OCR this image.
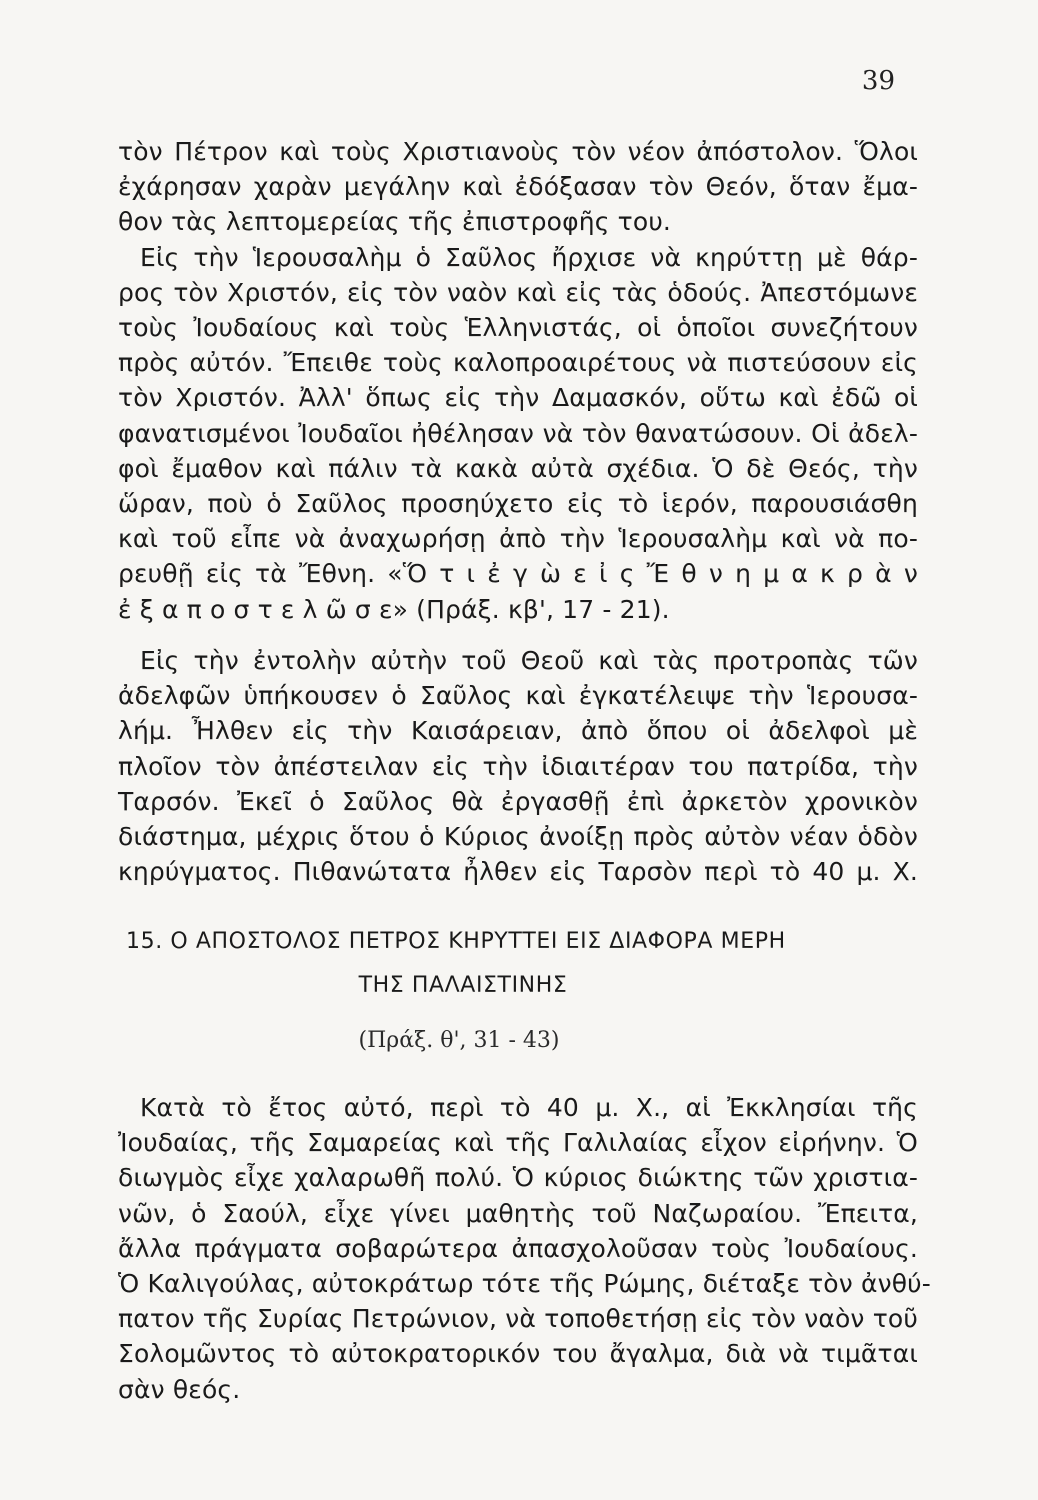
39
τὸν Πέτρον καὶ τοὺς Χριστιανοὺς τὸν νέον ἀπόστολον. Ὅλοι
ἐχάρησαν χαρὰν μεγάλην καὶ ἐδόξασαν τὸν Θεόν, ὅταν ἔμα-
θον τὰς λεπτομερείας τῆς ἐπιστροφῆς του.
Εἰς τὴν Ἱερουσαλὴμ ὁ Σαῦλος ἤρχισε νὰ κηρύττῃ μὲ θάρ-
ρος τὸν Χριστόν, εἰς τὸν ναὸν καὶ εἰς τὰς ὁδούς. Ἀπεστόμωνε
τοὺς Ἰουδαίους καὶ τοὺς Ἑλληνιστάς, οἱ ὁποῖοι συνεζήτουν
πρὸς αὐτόν. Ἔπειθε τοὺς καλοπροαιρέτους νὰ πιστεύσουν εἰς
τὸν Χριστόν. Ἀλλ' ὅπως εἰς τὴν Δαμασκόν, οὕτω καὶ ἐδῶ οἱ
φανατισμένοι Ἰουδαῖοι ἠθέλησαν νὰ τὸν θανατώσουν. Οἱ ἀδελ-
φοὶ ἔμαθον καὶ πάλιν τὰ κακὰ αὐτὰ σχέδια. Ὁ δὲ Θεός, τὴν
ὥραν, ποὺ ὁ Σαῦλος προσηύχετο εἰς τὸ ἱερόν, παρουσιάσθη
καὶ τοῦ εἶπε νὰ ἀναχωρήσῃ ἀπὸ τὴν Ἱερουσαλὴμ καὶ νὰ πο-
ρευθῇ εἰς τὰ Ἔθνη. «Ὅ τ ι ἐ γ ὼ ε ἰ ς Ἔ θ ν η μ α κ ρ ὰ ν
ἐ ξ α π ο σ τ ε λ ῶ σ ε» (Πράξ. κβ', 17 - 21).
Εἰς τὴν ἐντολὴν αὐτὴν τοῦ Θεοῦ καὶ τὰς προτροπὰς τῶν
ἀδελφῶν ὑπήκουσεν ὁ Σαῦλος καὶ ἐγκατέλειψε τὴν Ἱερουσα-
λήμ. Ἦλθεν εἰς τὴν Καισάρειαν, ἀπὸ ὅπου οἱ ἀδελφοὶ μὲ
πλοῖον τὸν ἀπέστειλαν εἰς τὴν ἰδιαιτέραν του πατρίδα, τὴν
Ταρσόν. Ἐκεῖ ὁ Σαῦλος θὰ ἐργασθῇ ἐπὶ ἀρκετὸν χρονικὸν
διάστημα, μέχρις ὅτου ὁ Κύριος ἀνοίξῃ πρὸς αὐτὸν νέαν ὁδὸν
κηρύγματος. Πιθανώτατα ἦλθεν εἰς Ταρσὸν περὶ τὸ 40 μ. Χ.
15. Ο ΑΠΟΣΤΟΛΟΣ ΠΕΤΡΟΣ ΚΗΡΥΤΤΕΙ ΕΙΣ ΔΙΑΦΟΡΑ ΜΕΡΗ
ΤΗΣ ΠΑΛΑΙΣΤΙΝΗΣ
(Πράξ. θ', 31 - 43)
Κατὰ τὸ ἔτος αὐτό, περὶ τὸ 40 μ. Χ., αἱ Ἐκκλησίαι τῆς
Ἰουδαίας, τῆς Σαμαρείας καὶ τῆς Γαλιλαίας εἶχον εἰρήνην. Ὁ
διωγμὸς εἶχε χαλαρωθῆ πολύ. Ὁ κύριος διώκτης τῶν χριστια-
νῶν, ὁ Σαούλ, εἶχε γίνει μαθητὴς τοῦ Ναζωραίου. Ἔπειτα,
ἄλλα πράγματα σοβαρώτερα ἀπασχολοῦσαν τοὺς Ἰουδαίους.
Ὁ Καλιγούλας, αὐτοκράτωρ τότε τῆς Ρώμης, διέταξε τὸν ἀνθύ-
πατον τῆς Συρίας Πετρώνιον, νὰ τοποθετήσῃ εἰς τὸν ναὸν τοῦ
Σολομῶντος τὸ αὐτοκρατορικόν του ἄγαλμα, διὰ νὰ τιμᾶται
σὰν θεός.
